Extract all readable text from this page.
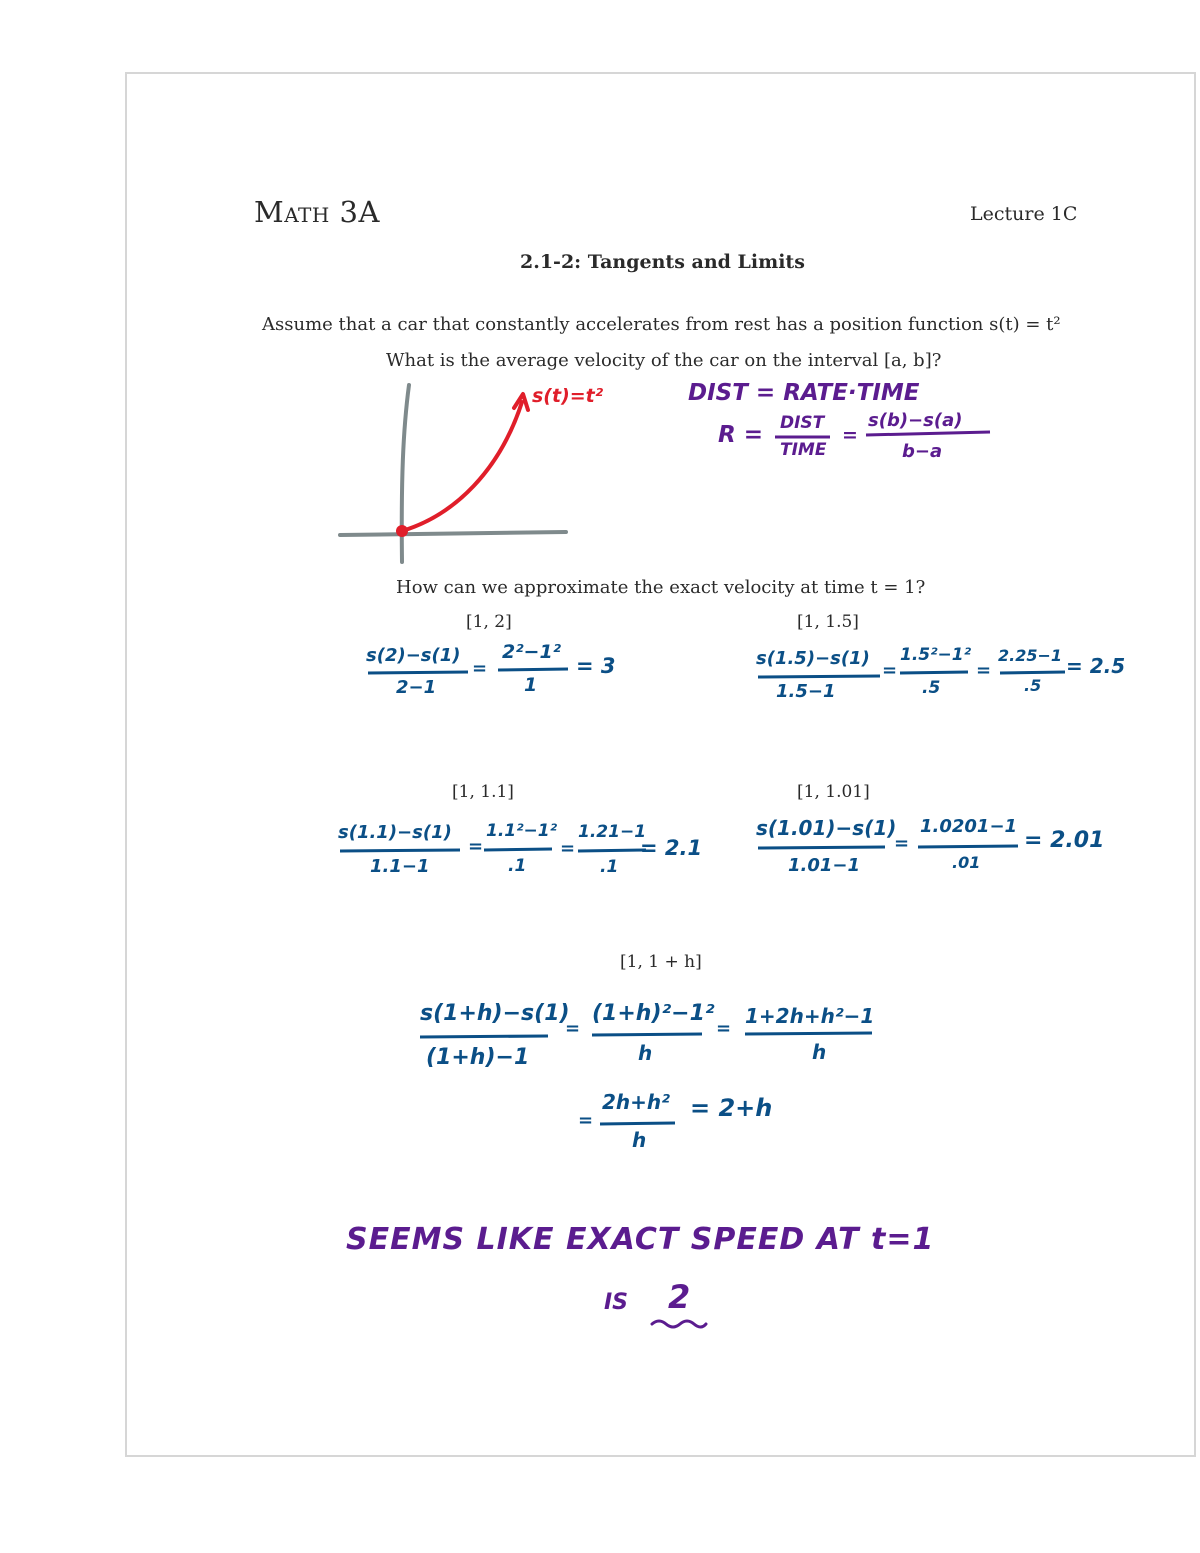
Math 3A	Lecture 1C
2.1-2: Tangents and Limits
Assume that a car that constantly accelerates from rest has a position function s(t) = t²
What is the average velocity of the car on the interval [a, b]?
How can we approximate the exact velocity at time t = 1?
[1, 2]	[1, 1.5]
[1, 1.1]	[1, 1.01]
[1, 1 + h]
s(t)=t²	DIST = RATE·TIME
R = DIST
TIME
=
s(b)−s(a)
b−a
s(2)−s(1)
2−1
=
2²−1²
1
= 3	s(1.5)−s(1)
1.5−1
=
1.5²−1²
.5
=
2.25−1
.5
= 2.5
s(1.1)−s(1)
1.1−1
=
1.1²−1²
.1
=
1.21−1
.1
= 2.1
s(1.01)−s(1)
1.01−1
=
1.0201−1
.01
= 2.01
s(1+h)−s(1)
(1+h)−1
=
(1+h)²−1²
h
=
1+2h+h²−1
h
=
2h+h²
h
= 2+h
SEEMS LIKE EXACT SPEED AT t=1
IS 2
